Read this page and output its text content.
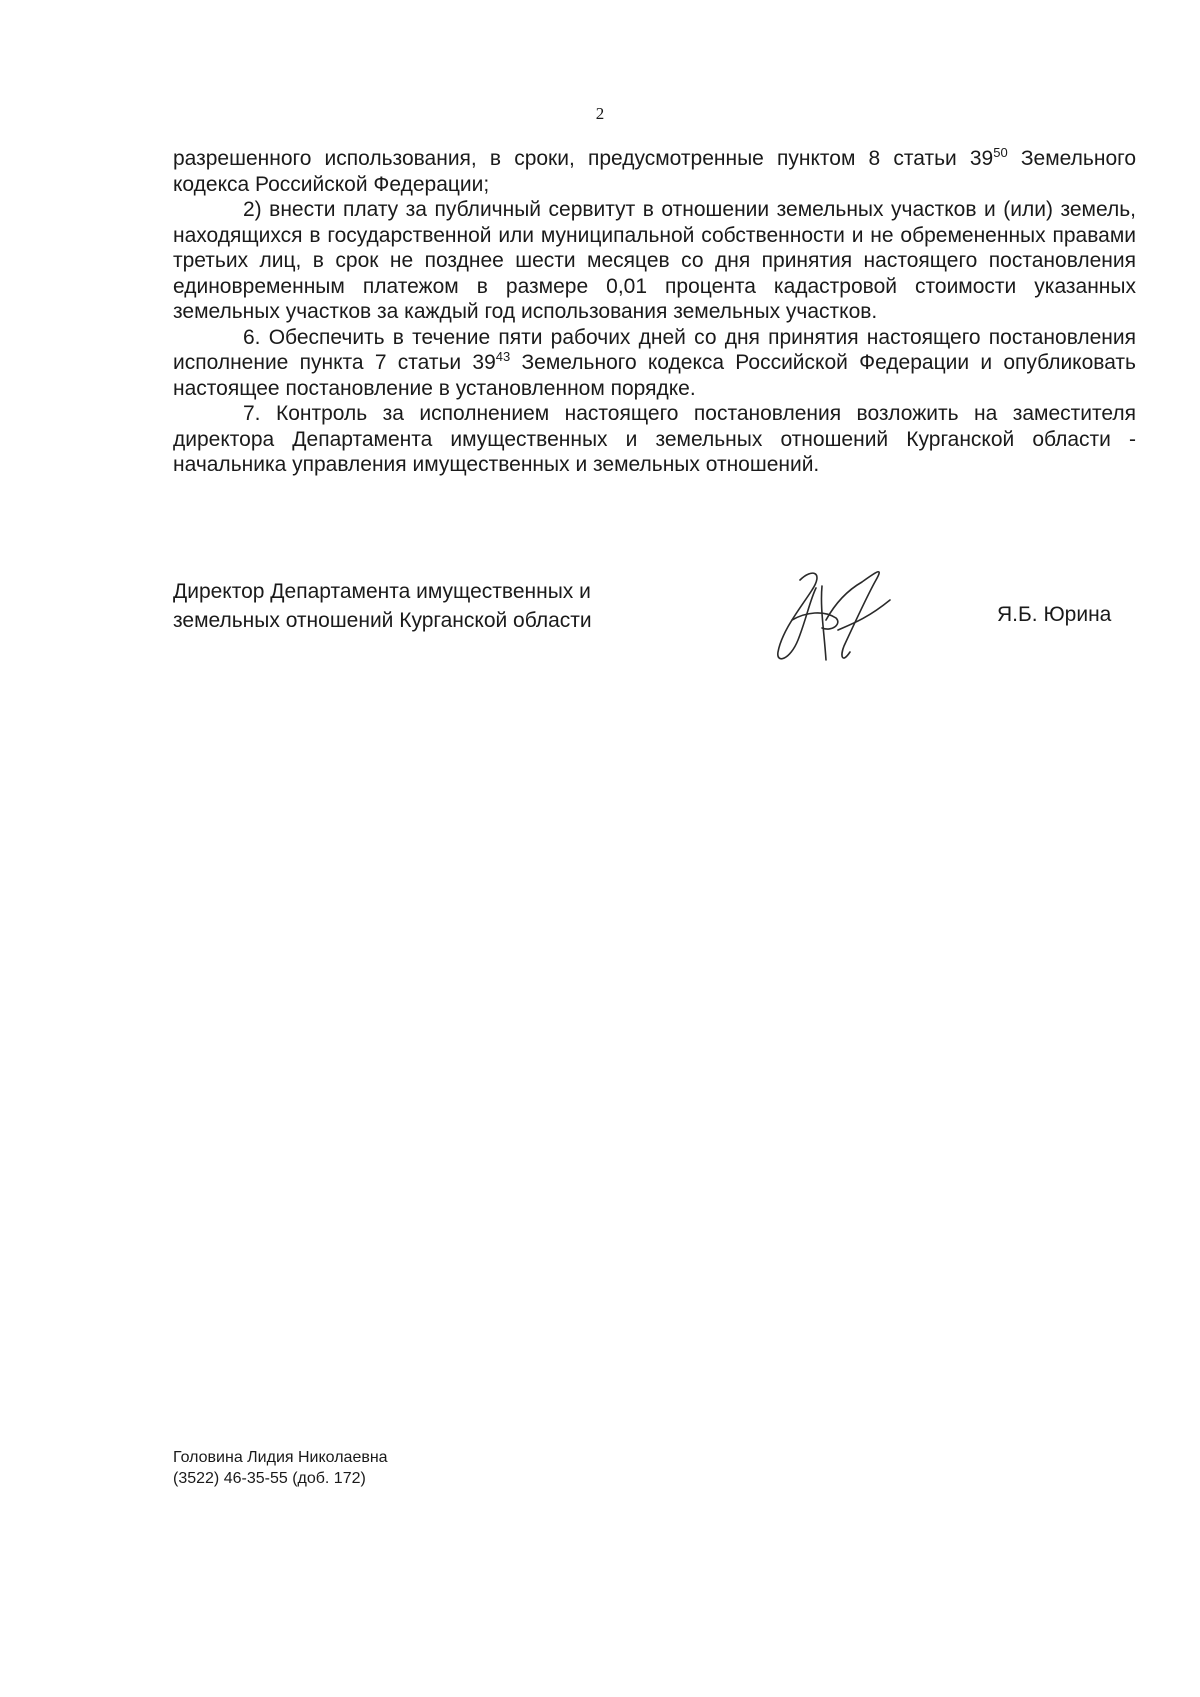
2

разрешенного использования, в сроки, предусмотренные пунктом 8 статьи $39^{50}$ Земельного кодекса Российской Федерации;

2) внести плату за публичный сервитут в отношении земельных участков и (или) земель, находящихся в государственной или муниципальной собственности и не обремененных правами третьих лиц, в срок не позднее шести месяцев со дня принятия настоящего постановления единовременным платежом в размере 0,01 процента кадастровой стоимости указанных земельных участков за каждый год использования земельных участков.

6. Обеспечить в течение пяти рабочих дней со дня принятия настоящего постановления исполнение пункта 7 статьи $39^{43}$ Земельного кодекса Российской Федерации и опубликовать настоящее постановление в установленном порядке.

7. Контроль за исполнением настоящего постановления возложить на заместителя директора Департамента имущественных и земельных отношений Курганской области - начальника управления имущественных и земельных отношений.

Директор Департамента имущественных и
земельных отношений Курганской области	Я.Б. Юрина
Головина Лидия Николаевна
(3522) 46-35-55 (доб. 172)
